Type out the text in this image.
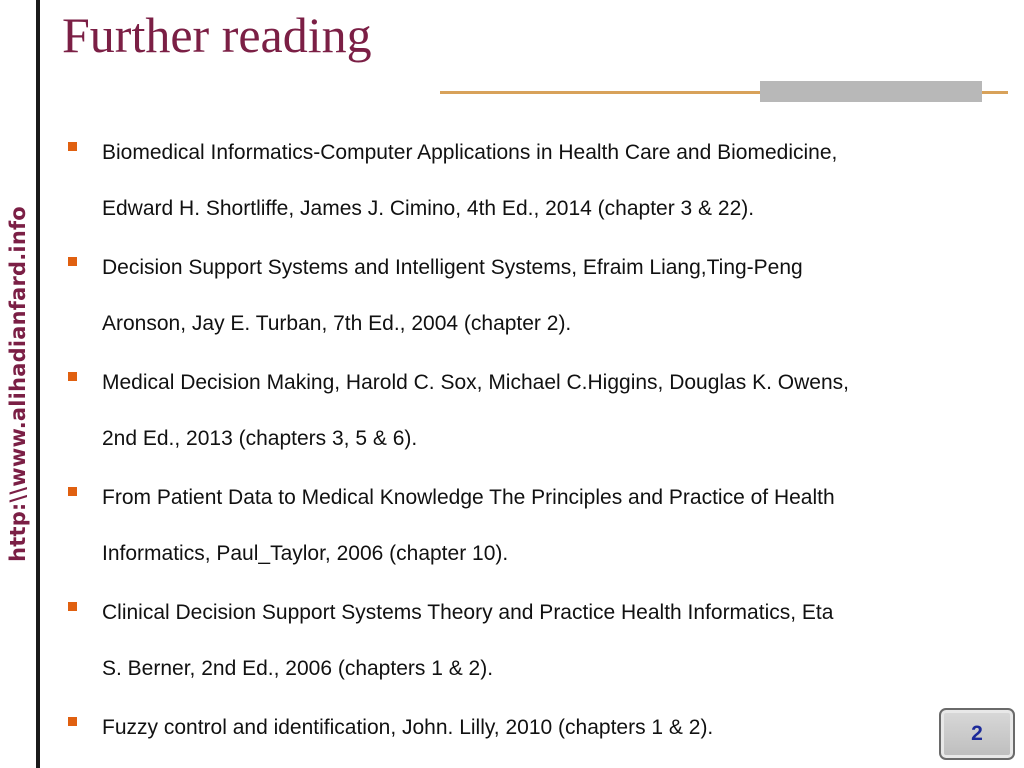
http:\\www.alihadianfard.info
Further reading
Biomedical Informatics-Computer Applications in Health Care and Biomedicine,
Edward H. Shortliffe, James J. Cimino, 4th Ed., 2014 (chapter 3 & 22).
Decision Support Systems and Intelligent Systems, Efraim Liang,Ting-Peng
Aronson, Jay E. Turban, 7th Ed., 2004 (chapter 2).
Medical Decision Making, Harold C. Sox, Michael C.Higgins, Douglas K. Owens,
2nd Ed., 2013 (chapters 3, 5 & 6).
From Patient Data to Medical Knowledge The Principles and Practice of Health
Informatics, Paul_Taylor, 2006 (chapter 10).
Clinical Decision Support Systems Theory and Practice Health Informatics, Eta
S. Berner, 2nd Ed., 2006 (chapters 1 & 2).
Fuzzy control and identification, John. Lilly, 2010 (chapters 1 & 2).	2
